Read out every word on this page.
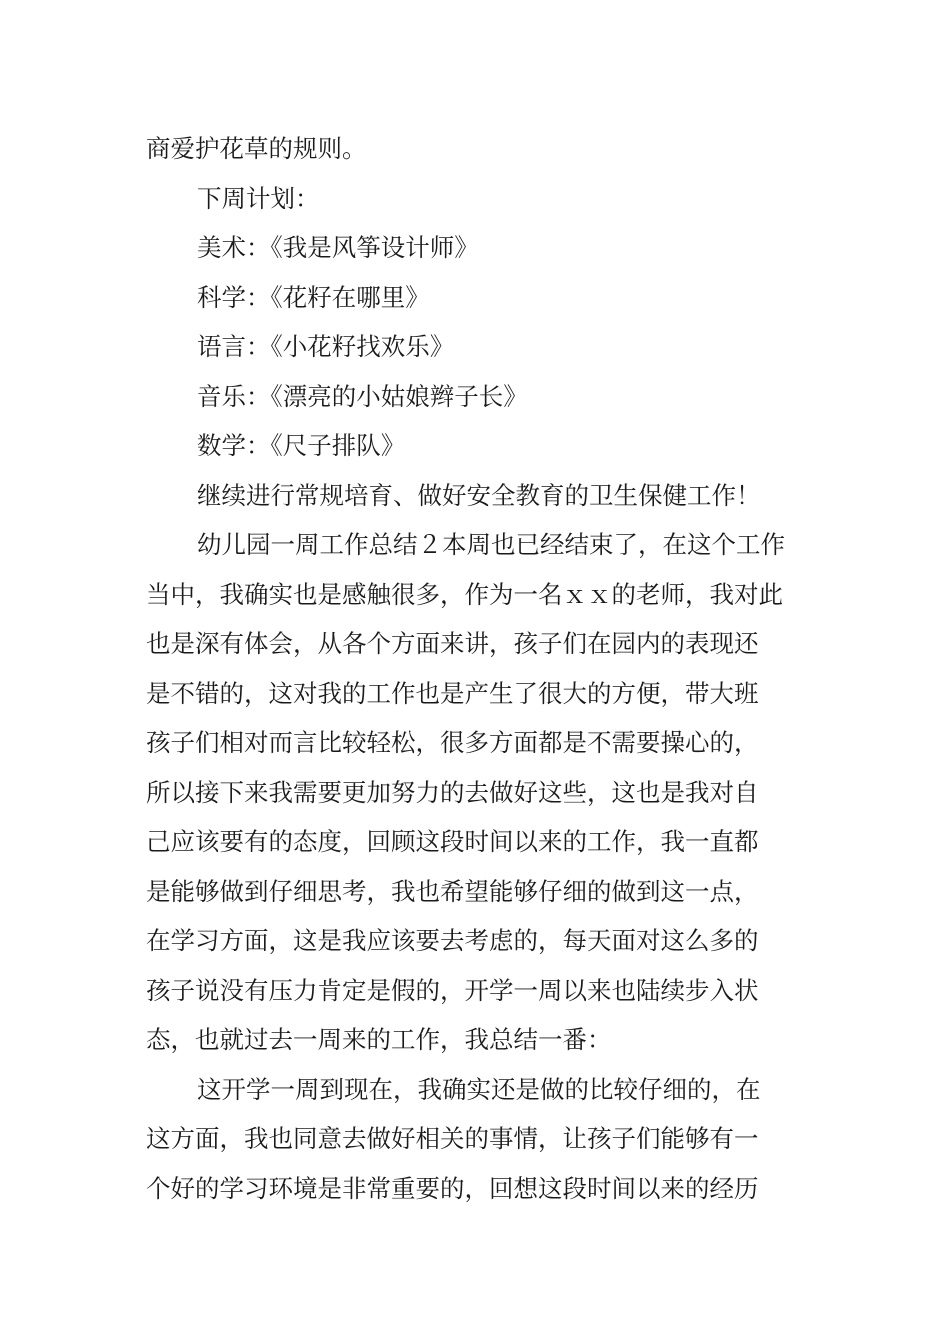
商爱护花草的规则。
下周计划：
美术：《我是风筝设计师》
科学：《花籽在哪里》
语言：《小花籽找欢乐》
音乐：《漂亮的小姑娘辫子长》
数学：《尺子排队》
继续进行常规培育、做好安全教育的卫生保健工作！
幼儿园一周工作总结２本周也已经结束了，在这个工作
当中，我确实也是感触很多，作为一名ｘｘ的老师，我对此
也是深有体会，从各个方面来讲，孩子们在园内的表现还
是不错的，这对我的工作也是产生了很大的方便，带大班
孩子们相对而言比较轻松，很多方面都是不需要操心的，
所以接下来我需要更加努力的去做好这些，这也是我对自
己应该要有的态度，回顾这段时间以来的工作，我一直都
是能够做到仔细思考，我也希望能够仔细的做到这一点，
在学习方面，这是我应该要去考虑的，每天面对这么多的
孩子说没有压力肯定是假的，开学一周以来也陆续步入状
态，也就过去一周来的工作，我总结一番：
这开学一周到现在，我确实还是做的比较仔细的，在
这方面，我也同意去做好相关的事情，让孩子们能够有一
个好的学习环境是非常重要的，回想这段时间以来的经历
